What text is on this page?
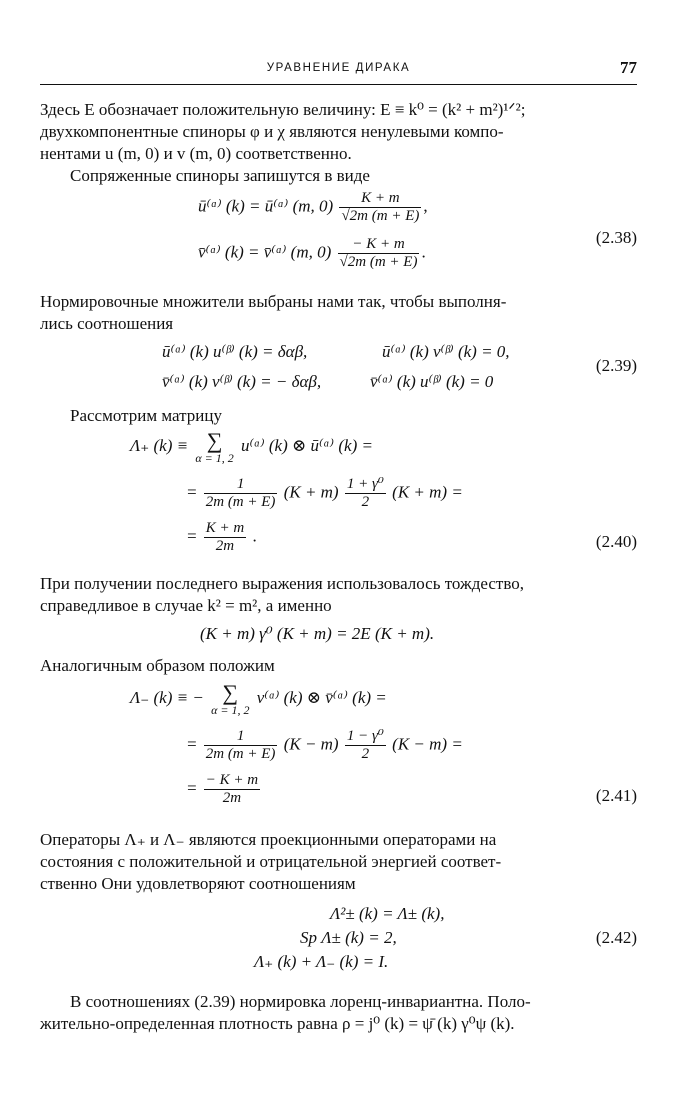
УРАВНЕНИЕ ДИРАКА	77
Здесь E обозначает положительную величину: E ≡ k⁰ = (k² + m²)¹ᐟ²;
двухкомпонентные спиноры φ и χ являются ненулевыми компо-
нентами u (m, 0) и v (m, 0) соответственно.
Сопряженные спиноры запишутся в виде
ū⁽ᵅ⁾ (k) = ū⁽ᵅ⁾ (m, $0) \frac{K + m}{√2m (m + E)}$ ,
v̄⁽ᵅ⁾ (k) = v̄⁽ᵅ⁾ (m, $0) \frac{- K + m}{√2m (m + E)}$ .
(2.38)
Нормировочные множители выбраны нами так, чтобы выполня-
лись соотношения
ū⁽ᵅ⁾ (k) u⁽ᵝ⁾ (k) = δαβ,	ū⁽ᵅ⁾ (k) v⁽ᵝ⁾ (k) = 0,
v̄⁽ᵅ⁾ (k) v⁽ᵝ⁾ (k) = − δαβ,	v̄⁽ᵅ⁾ (k) u⁽ᵝ⁾ (k) = 0
(2.39)
Рассмотрим матрицу
Λ₊ (k) ≡ ∑
α = 1, 2
u⁽ᵅ⁾ (k) ⊗ ū⁽ᵅ⁾ (k) =
= $\frac{1}{2m (m + E)} (K + m) \frac{\text{1 + γ⁰}}{2} (K + m)$ =
= $\frac{K + m}{2m}$ .	(2.40)
При получении последнего выражения использовалось тождество,
справедливое в случае k² = m², а именно
(K + m) γ⁰ (K + m) = 2E (K + m).
Аналогичным образом положим
Λ₋ (k) ≡ − ∑
α = 1, 2
v⁽ᵅ⁾ (k) ⊗ v̄⁽ᵅ⁾ (k) =
= $\frac{1}{2m (m + E)} (K - m) \frac{\text{1 − γ⁰}}{2} (K - m)$ =
= $\frac{- K + m}{2m}$	(2.41)
Операторы Λ₊ и Λ₋ являются проекционными операторами на
состояния с положительной и отрицательной энергией соответ-
ственно Они удовлетворяют соотношениям
Λ²± (k) = Λ± (k),
Sp Λ± (k) = 2,
Λ₊ (k) + Λ₋ (k) = I.
(2.42)
В соотношениях (2.39) нормировка лоренц-инвариантна. Поло-
жительно-определенная плотность равна ρ = j⁰ (k) = ψ̄ (k) γ⁰ψ (k).
